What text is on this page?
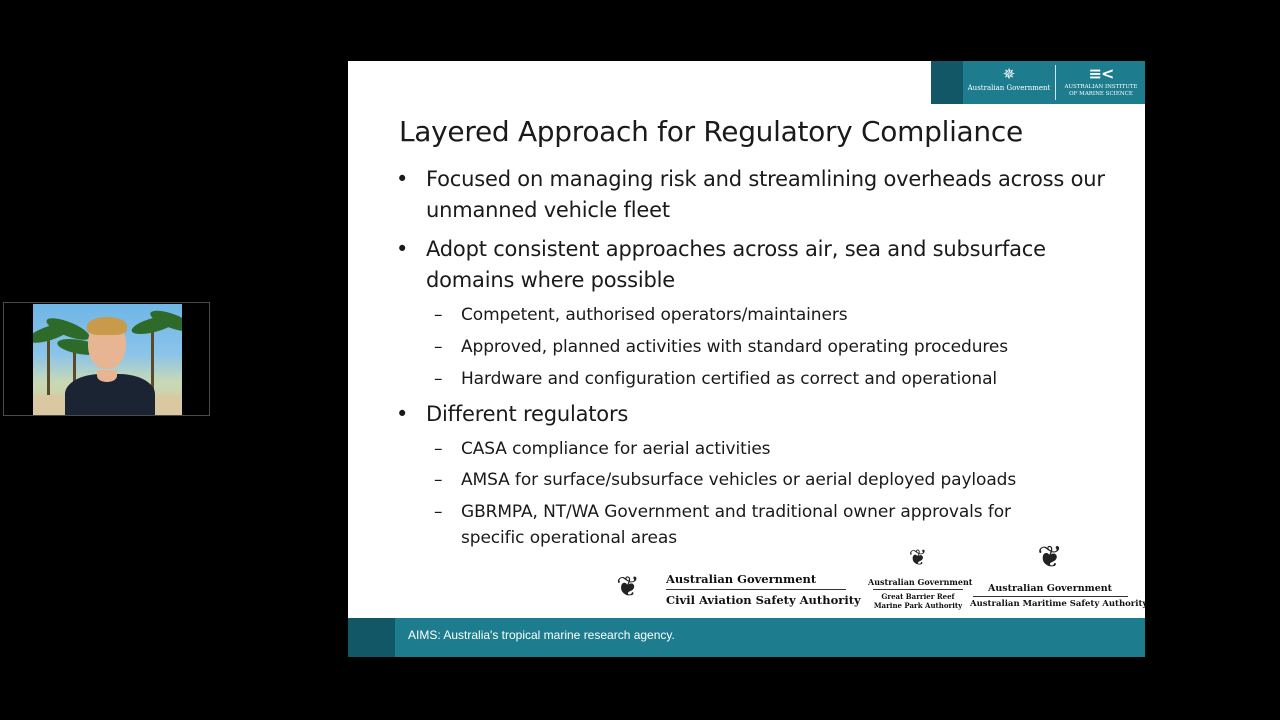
✵
Australian Government
≡<
AUSTRALIAN INSTITUTE
OF MARINE SCIENCE
Layered Approach for Regulatory Compliance
• Focused on managing risk and streamlining overheads across our unmanned vehicle fleet
• Adopt consistent approaches across air, sea and subsurface domains where possible
–	Competent, authorised operators/maintainers
–	Approved, planned activities with standard operating procedures
–	Hardware and configuration certified as correct and operational
• Different regulators
–	CASA compliance for aerial activities
–	AMSA for surface/subsurface vehicles or aerial deployed payloads
–	GBRMPA, NT/WA Government and traditional owner approvals for specific operational areas
❦	Australian Government
Civil Aviation Safety Authority
❦
Australian Government
Great Barrier Reef
Marine Park Authority
❦
Australian Government
Australian Maritime Safety Authority
AIMS: Australia's tropical marine research agency.
